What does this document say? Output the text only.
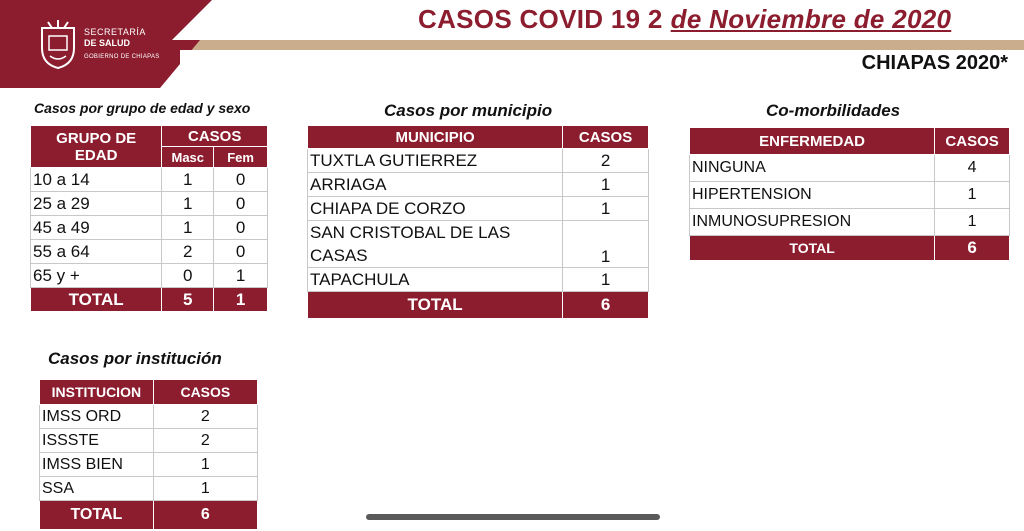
SECRETARÍA
DE SALUD
GOBIERNO DE CHIAPAS
CASOS COVID 19 2 de Noviembre de 2020
CHIAPAS 2020*
Casos por grupo de edad y sexo
GRUPO DE EDAD	CASOS	
	Masc	Fem
10 a 14	1	0
25 a 29	1	0
45 a 49	1	0
55 a 64	2	0
65 y +	0	1
TOTAL	5	1
Casos por municipio
MUNICIPIO	CASOS
TUXTLA GUTIERREZ	2
ARRIAGA	1
CHIAPA DE CORZO	1
SAN CRISTOBAL DE LAS CASAS	1
TAPACHULA	1
TOTAL	6
Co-morbilidades
ENFERMEDAD	CASOS
NINGUNA	4
HIPERTENSION	1
INMUNOSUPRESION	1
TOTAL	6
Casos por institución
INSTITUCION	CASOS
IMSS ORD	2
ISSSTE	2
IMSS BIEN	1
SSA	1
TOTAL	6
